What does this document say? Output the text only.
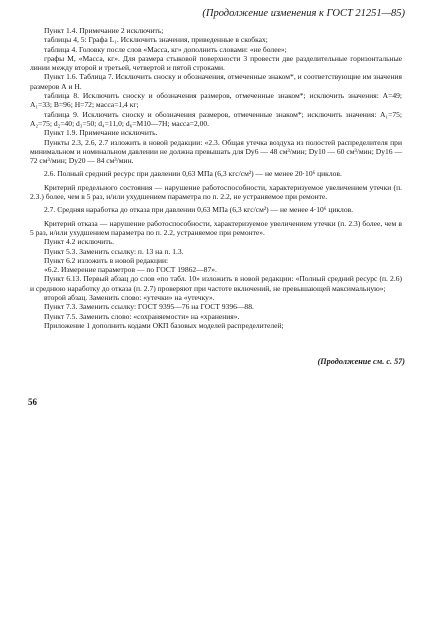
(Продолжение изменения к ГОСТ 21251—85)

Пункт 1.4. Примечание 2 исключить;

таблицы 4, 5: Графа L₁. Исключить значения, приведенные в скобках;

таблица 4. Головку после слов «Масса, кг» дополнить словами: «не более»;

графы М, «Масса, кг». Для размера стыковой поверхности 3 провести две разделительные горизонтальные линии между второй и третьей, четвертой и пятой строками.

Пункт 1.6. Таблица 7. Исключить сноску и обозначения, отмеченные знаком*, и соответствующие им значения размеров А и Н.

таблица 8. Исключить сноску и обозначения размеров, отмеченные знаком*; исключить значения: А=49; А₁=33; В=96; Н=72; масса=1,4 кг;

таблица 9. Исключить сноску и обозначения размеров, отмеченные знаком*; исключить значения: А₁=75; А₂=75; d₂=40; d₃=50; d₄=11,0; d₆=М10—7Н; масса=2,00.

Пункт 1.9. Примечание исключить.

Пункты 2.3, 2.6, 2.7 изложить в новой редакции: «2.3. Общая утечка воздуха из полостей распределителя при минимальном и номинальном давлении не должна превышать для Dу6 — 48 см³/мин; Dу10 — 60 см³/мин; Dу16 — 72 см³/мин; Dу20 — 84 см³/мин.

2.6. Полный средний ресурс при давлении 0,63 МПа (6,3 кгс/см²) — не менее 20·10⁶ циклов.

Критерий предельного состояния — нарушение работоспособности, характеризуемое увеличением утечки (п. 2.3.) более, чем в 5 раз, и/или ухудшением параметра по п. 2.2, не устраняемое при ремонте.

2.7. Средняя наработка до отказа при давлении 0,63 МПа (6,3 кгс/см²) — не менее 4·10⁶ циклов.

Критерий отказа — нарушение работоспособности, характеризуемое увеличением утечки (п. 2.3) более, чем в 5 раз, и/или ухудшением параметра по п. 2.2, устраняемое при ремонте».

Пункт 4.2 исключить.

Пункт 5.3. Заменить ссылку: п. 13 на п. 1.3.

Пункт 6.2 изложить в новой редакции:

«6.2. Измерение параметров — по ГОСТ 19862—87».

Пункт 6.13. Первый абзац до слов «по табл. 10» изложить в новой редакции: «Полный средний ресурс (п. 2.6) и среднюю наработку до отказа (п. 2.7) проверяют при частоте включений, не превышающей максимальную»;

второй абзац. Заменить слово: «утечки» на «утечку».

Пункт 7.3. Заменить ссылку: ГОСТ 9395—76 на ГОСТ 9396—88.

Пункт 7.5. Заменить слово: «сохраняемости» на «хранения».

Приложение 1 дополнить кодами ОКП базовых моделей распределителей;

(Продолжение см. с. 57)
56
